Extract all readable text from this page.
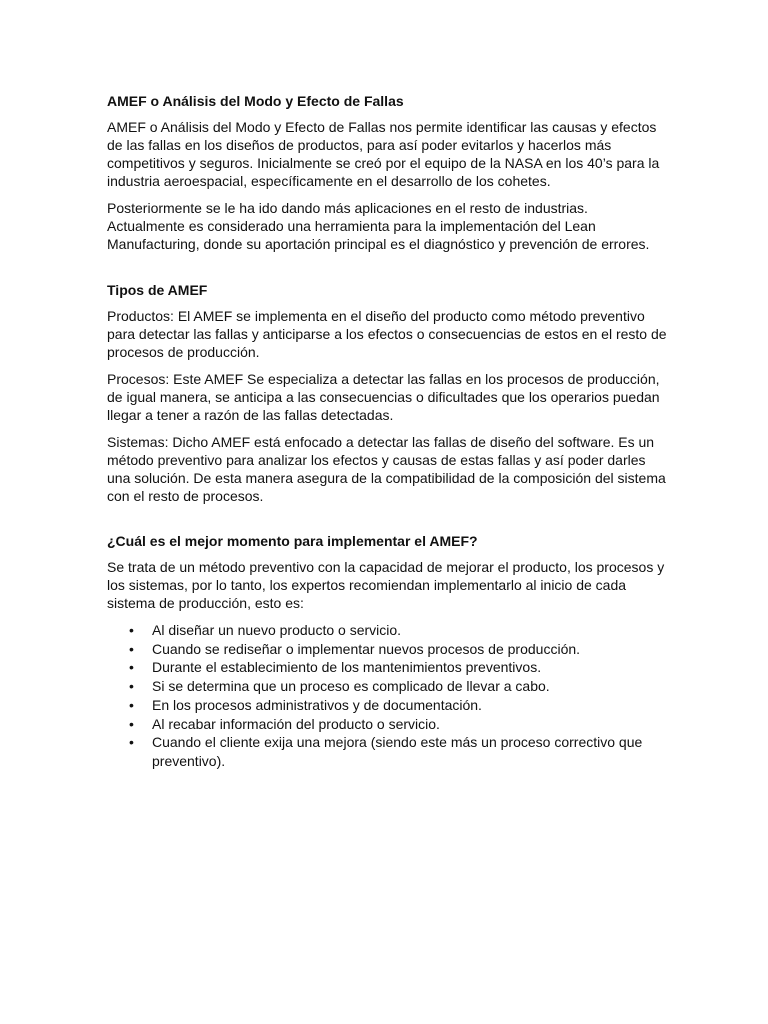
AMEF o Análisis del Modo y Efecto de Fallas

AMEF o Análisis del Modo y Efecto de Fallas nos permite identificar las causas y efectos de las fallas en los diseños de productos, para así poder evitarlos y hacerlos más competitivos y seguros. Inicialmente se creó por el equipo de la NASA en los 40’s para la industria aeroespacial, específicamente en el desarrollo de los cohetes.

Posteriormente se le ha ido dando más aplicaciones en el resto de industrias. Actualmente es considerado una herramienta para la implementación del Lean Manufacturing, donde su aportación principal es el diagnóstico y prevención de errores.

Tipos de AMEF

Productos: El AMEF se implementa en el diseño del producto como método preventivo para detectar las fallas y anticiparse a los efectos o consecuencias de estos en el resto de procesos de producción.

Procesos: Este AMEF Se especializa a detectar las fallas en los procesos de producción, de igual manera, se anticipa a las consecuencias o dificultades que los operarios puedan llegar a tener a razón de las fallas detectadas.

Sistemas: Dicho AMEF está enfocado a detectar las fallas de diseño del software. Es un método preventivo para analizar los efectos y causas de estas fallas y así poder darles una solución. De esta manera asegura de la compatibilidad de la composición del sistema con el resto de procesos.

¿Cuál es el mejor momento para implementar el AMEF?

Se trata de un método preventivo con la capacidad de mejorar el producto, los procesos y los sistemas, por lo tanto, los expertos recomiendan implementarlo al inicio de cada sistema de producción, esto es:

• Al diseñar un nuevo producto o servicio.
• Cuando se rediseñar o implementar nuevos procesos de producción.
• Durante el establecimiento de los mantenimientos preventivos.
• Si se determina que un proceso es complicado de llevar a cabo.
• En los procesos administrativos y de documentación.
• Al recabar información del producto o servicio.
• Cuando el cliente exija una mejora (siendo este más un proceso correctivo que preventivo).
